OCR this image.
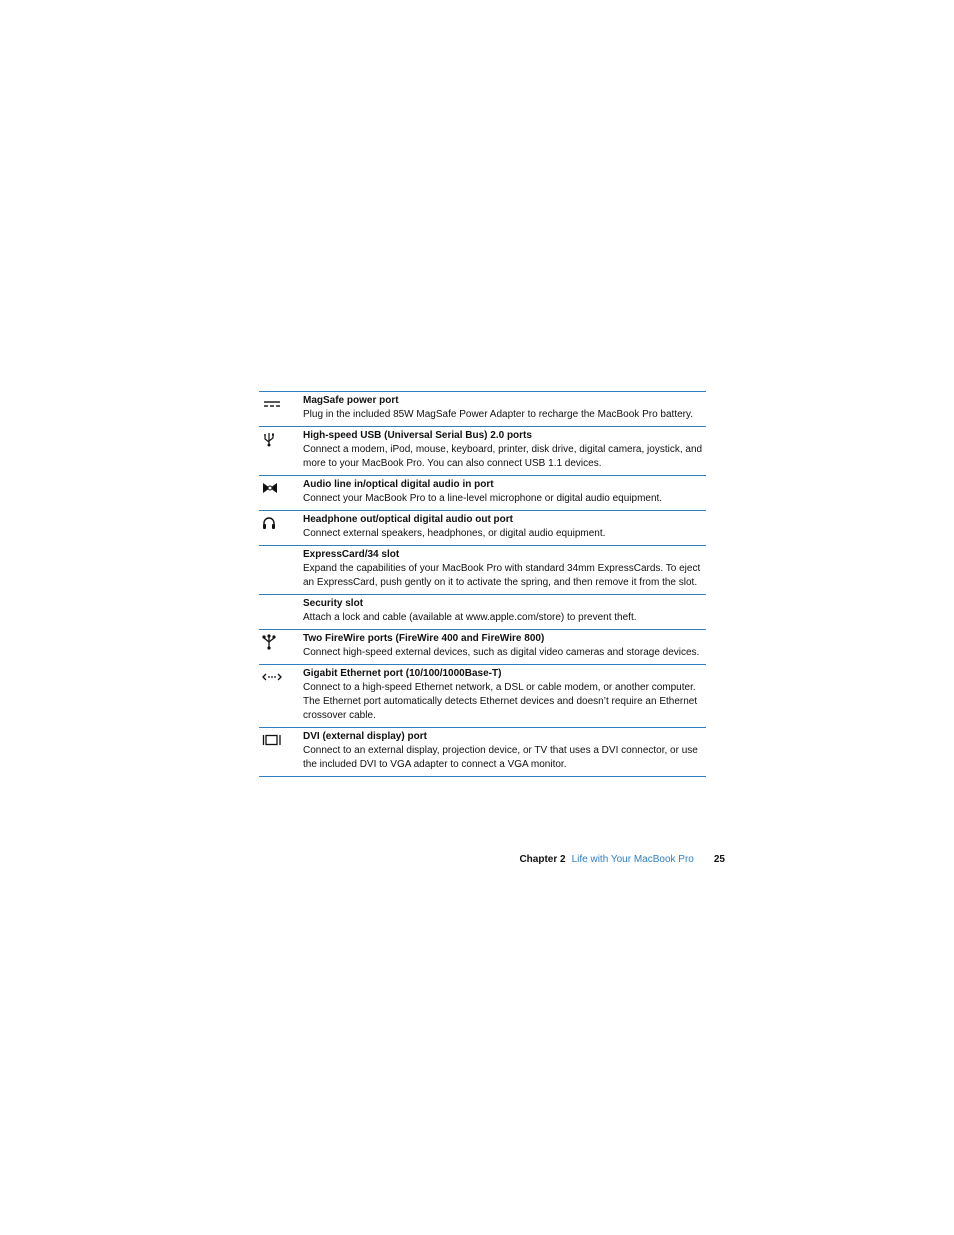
MagSafe power port
Plug in the included 85W MagSafe Power Adapter to recharge the MacBook Pro battery.
High-speed USB (Universal Serial Bus) 2.0 ports
Connect a modem, iPod, mouse, keyboard, printer, disk drive, digital camera, joystick, and more to your MacBook Pro. You can also connect USB 1.1 devices.
Audio line in/optical digital audio in port
Connect your MacBook Pro to a line-level microphone or digital audio equipment.
Headphone out/optical digital audio out port
Connect external speakers, headphones, or digital audio equipment.
ExpressCard/34 slot
Expand the capabilities of your MacBook Pro with standard 34mm ExpressCards. To eject an ExpressCard, push gently on it to activate the spring, and then remove it from the slot.
Security slot
Attach a lock and cable (available at www.apple.com/store) to prevent theft.
Two FireWire ports (FireWire 400 and FireWire 800)
Connect high-speed external devices, such as digital video cameras and storage devices.
Gigabit Ethernet port (10/100/1000Base-T)
Connect to a high-speed Ethernet network, a DSL or cable modem, or another computer. The Ethernet port automatically detects Ethernet devices and doesn’t require an Ethernet crossover cable.
DVI (external display) port
Connect to an external display, projection device, or TV that uses a DVI connector, or use the included DVI to VGA adapter to connect a VGA monitor.
Chapter 2 Life with Your MacBook Pro 25
